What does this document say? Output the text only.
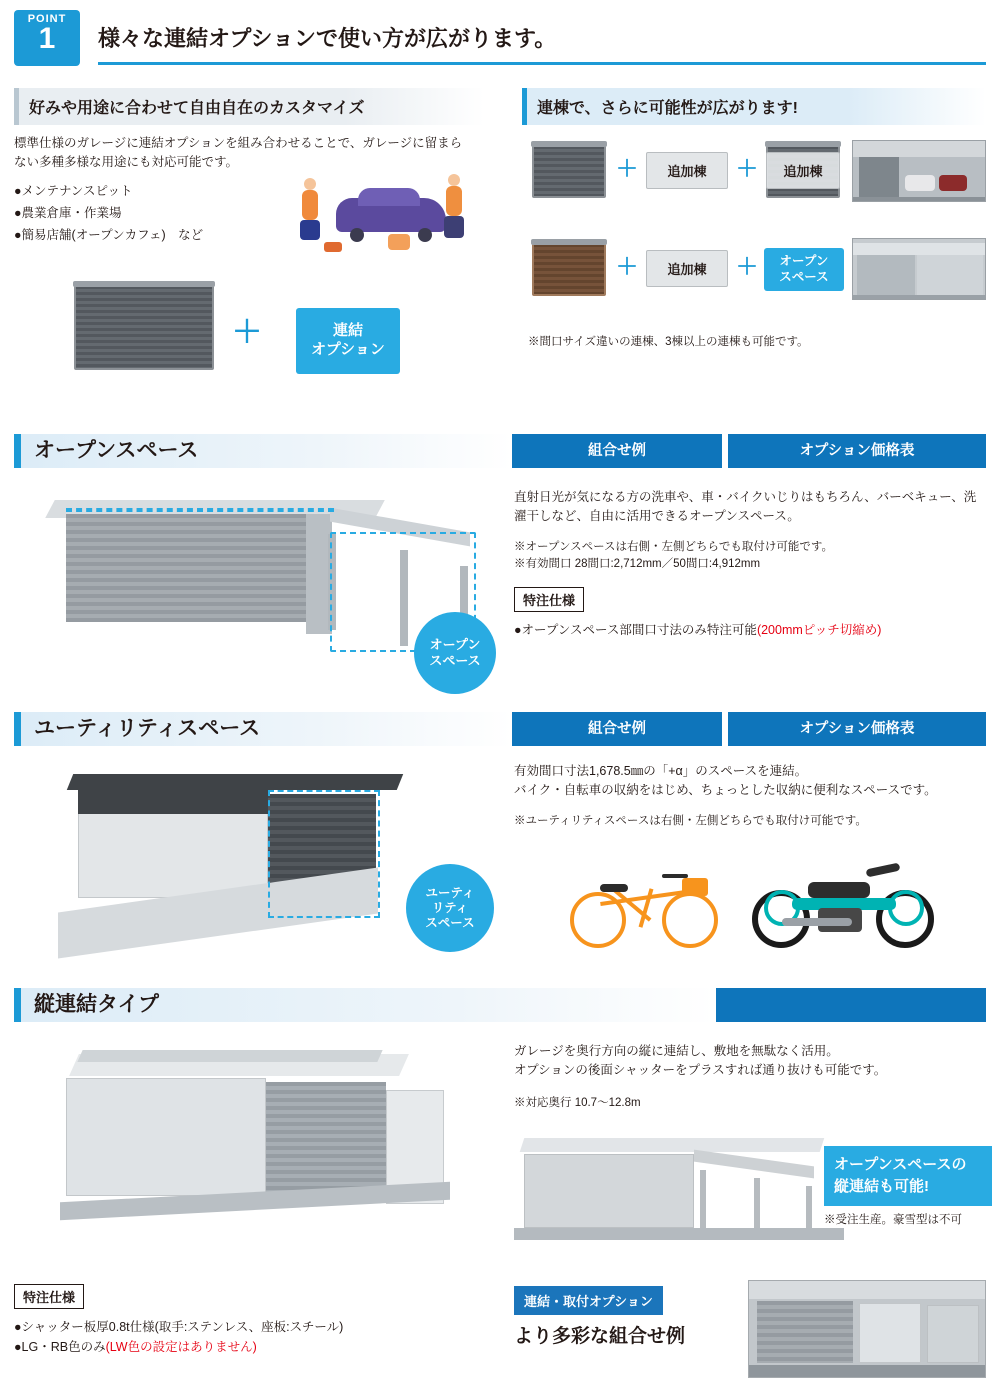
POINT
1	様々な連結オプションで使い方が広がります。
好みや用途に合わせて自由自在のカスタマイズ
標準仕様のガレージに連結オプションを組み合わせることで、ガレージに留まらない多種多様な用途にも対応可能です。
●メンテナンスピット
●農業倉庫・作業場
●簡易店舗(オープンカフェ)　など
＋	連結
オプション
連棟で、さらに可能性が広がります!
＋	追加棟	＋	追加棟
＋	追加棟	＋	オープン
スペース
※間口サイズ違いの連棟、3棟以上の連棟も可能です。
オープンスペース	組合せ例	オプション価格表
オープン
スペース
直射日光が気になる方の洗車や、車・バイクいじりはもちろん、バーベキュー、洗濯干しなど、自由に活用できるオープンスペース。
※オープンスペースは右側・左側どちらでも取付け可能です。
※有効間口 28間口:2,712mm／50間口:4,912mm
特注仕様
●オープンスペース部間口寸法のみ特注可能(200mmピッチ切縮め)
ユーティリティスペース	組合せ例	オプション価格表
ユーティ
リティ
スペース
有効間口寸法1,678.5㎜の「+α」のスペースを連結。
バイク・自転車の収納をはじめ、ちょっとした収納に便利なスペースです。
※ユーティリティスペースは右側・左側どちらでも取付け可能です。
縦連結タイプ
ガレージを奥行方向の縦に連結し、敷地を無駄なく活用。
オプションの後面シャッターをプラスすれば通り抜けも可能です。
※対応奥行 10.7〜12.8m
オープンスペースの
縦連結も可能!
※受注生産。豪雪型は不可
特注仕様
●シャッター板厚0.8t仕様(取手:ステンレス、座板:スチール)
●LG・RB色のみ(LW色の設定はありません)
連結・取付オプション
より多彩な組合せ例
